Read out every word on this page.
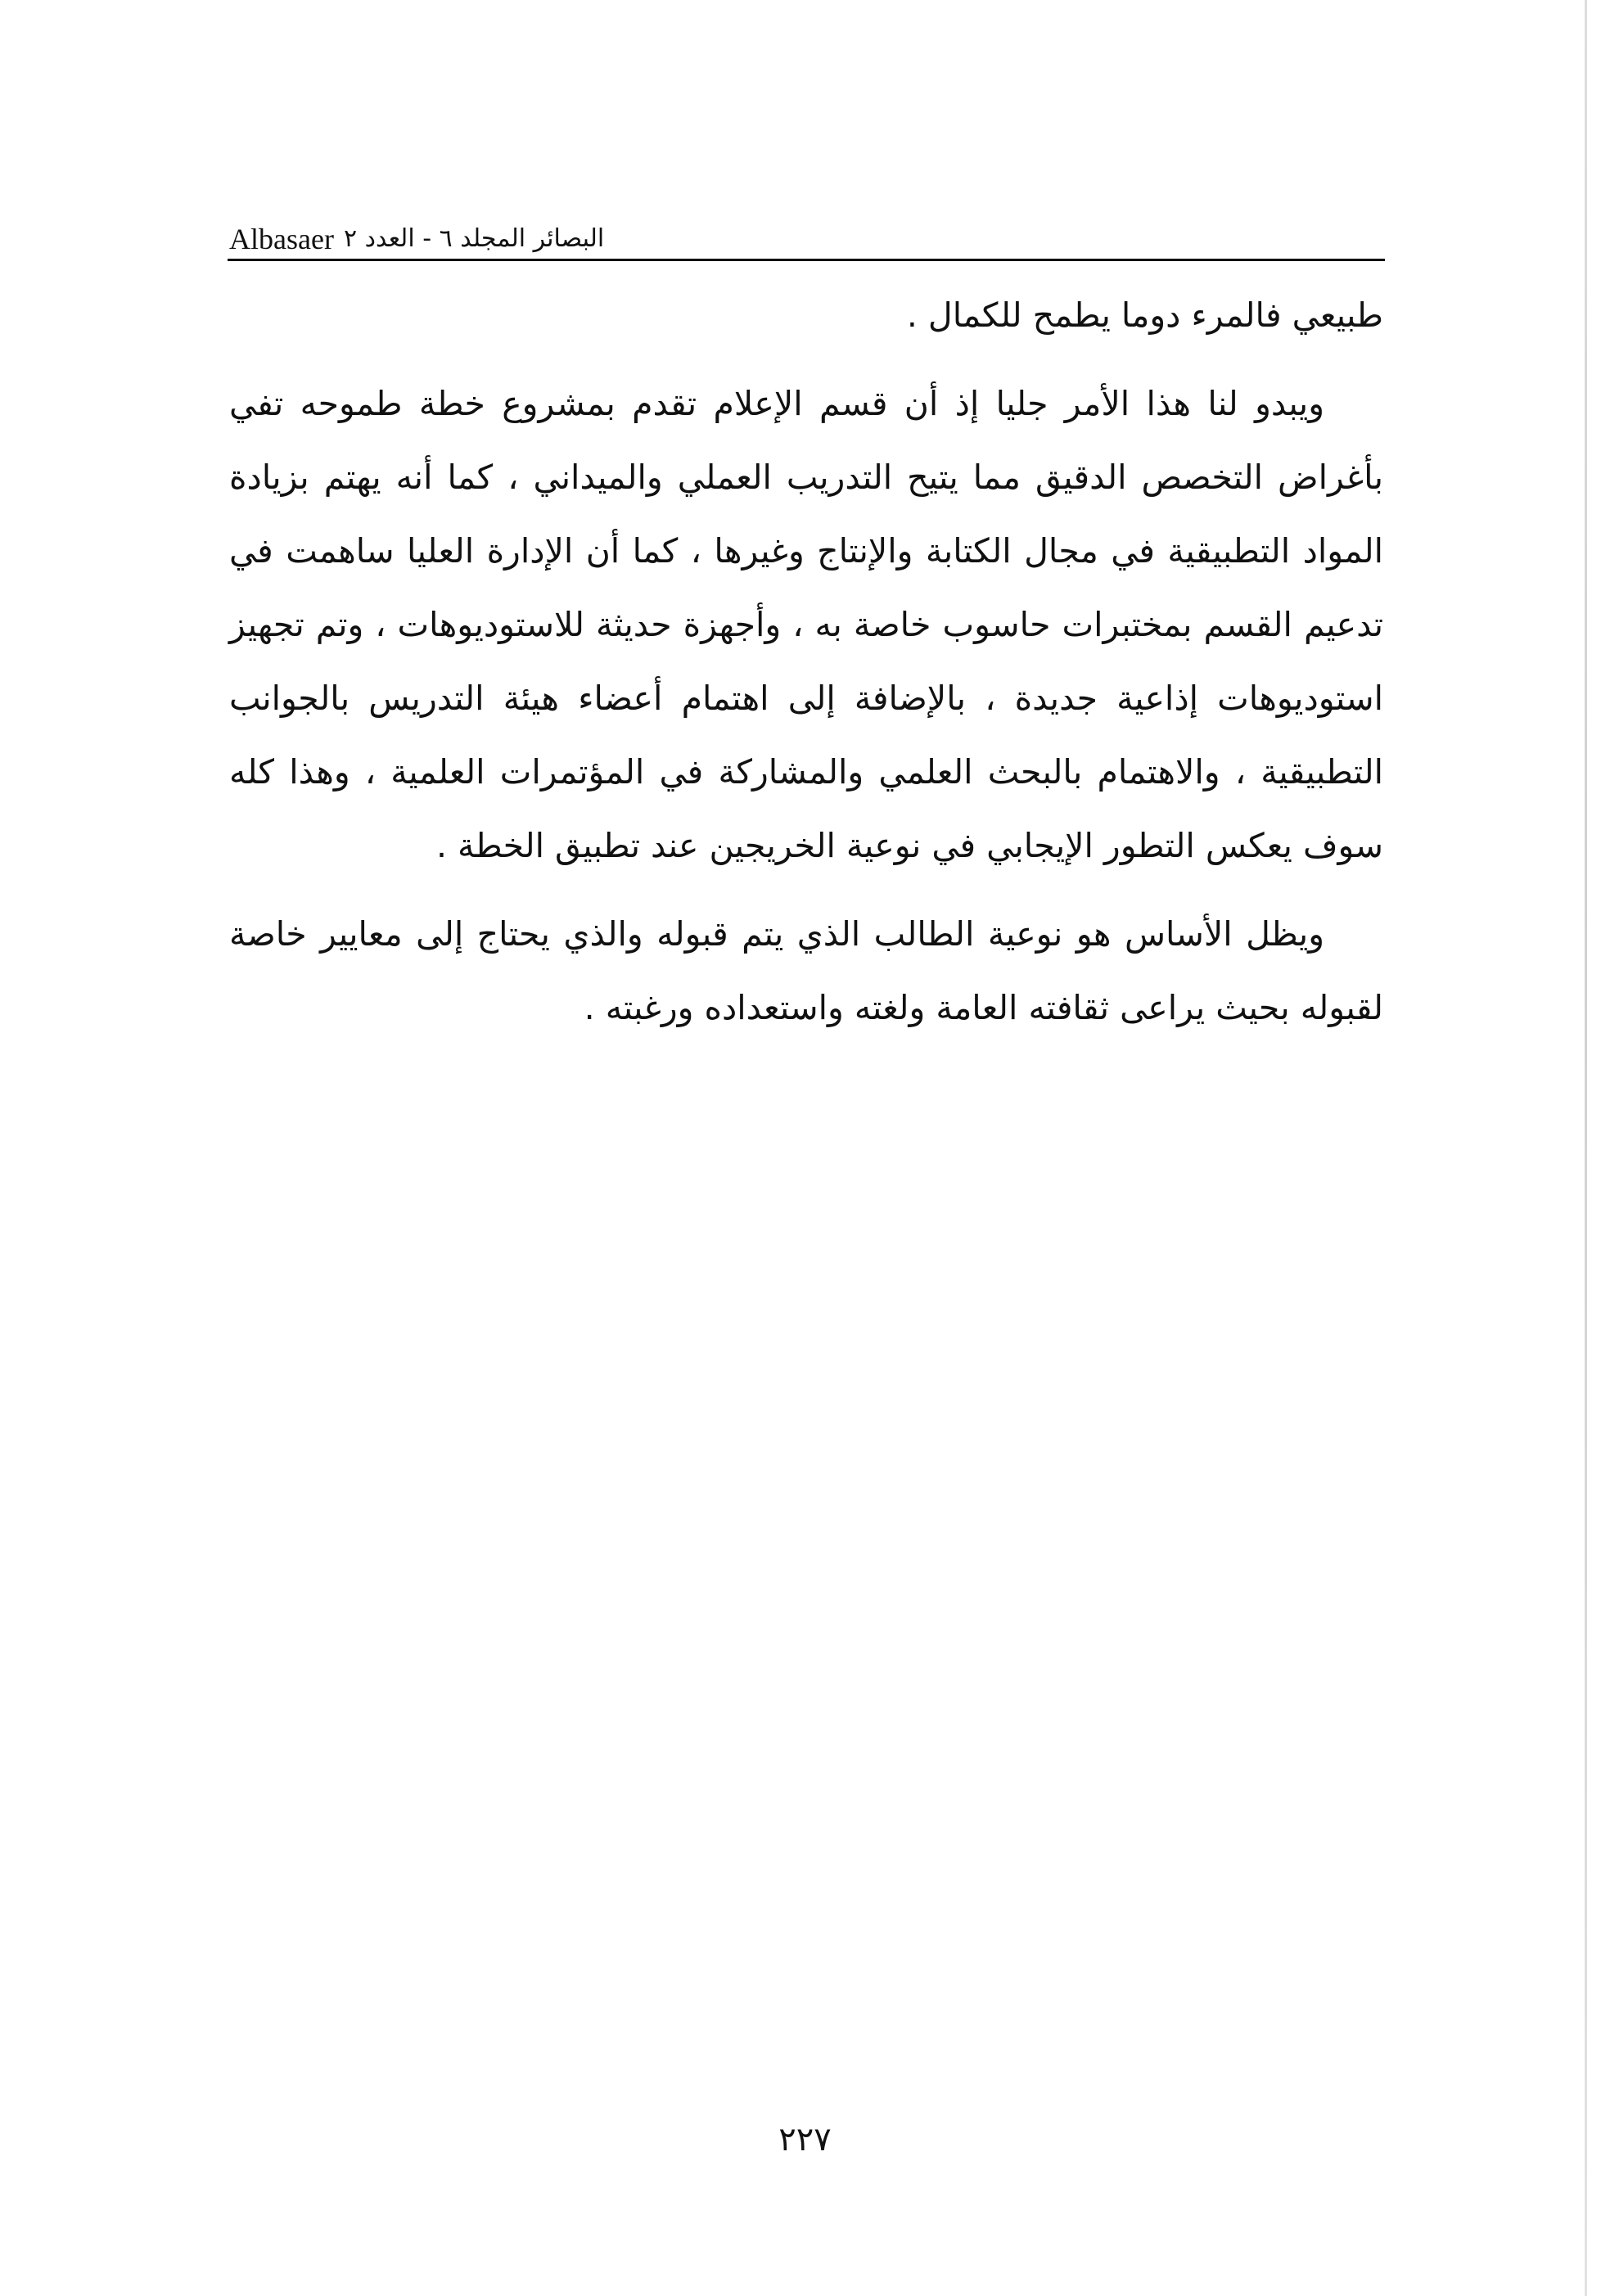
Albasaer البصائر المجلد ٦ - العدد ٢

طبيعي فالمرء دوما يطمح للكمال .

ويبدو لنا هذا الأمر جليا إذ أن قسم الإعلام تقدم بمشروع خطة طموحه تفي بأغراض التخصص الدقيق مما يتيح التدريب العملي والميداني ، كما أنه يهتم بزيادة المواد التطبيقية في مجال الكتابة والإنتاج وغيرها ، كما أن الإدارة العليا ساهمت في تدعيم القسم بمختبرات حاسوب خاصة به ، وأجهزة حديثة للاستوديوهات ، وتم تجهيز استوديوهات إذاعية جديدة ، بالإضافة إلى اهتمام أعضاء هيئة التدريس بالجوانب التطبيقية ، والاهتمام بالبحث العلمي والمشاركة في المؤتمرات العلمية ، وهذا كله سوف يعكس التطور الإيجابي في نوعية الخريجين عند تطبيق الخطة .

ويظل الأساس هو نوعية الطالب الذي يتم قبوله والذي يحتاج إلى معايير خاصة لقبوله بحيث يراعى ثقافته العامة ولغته واستعداده ورغبته .

٢٢٧
